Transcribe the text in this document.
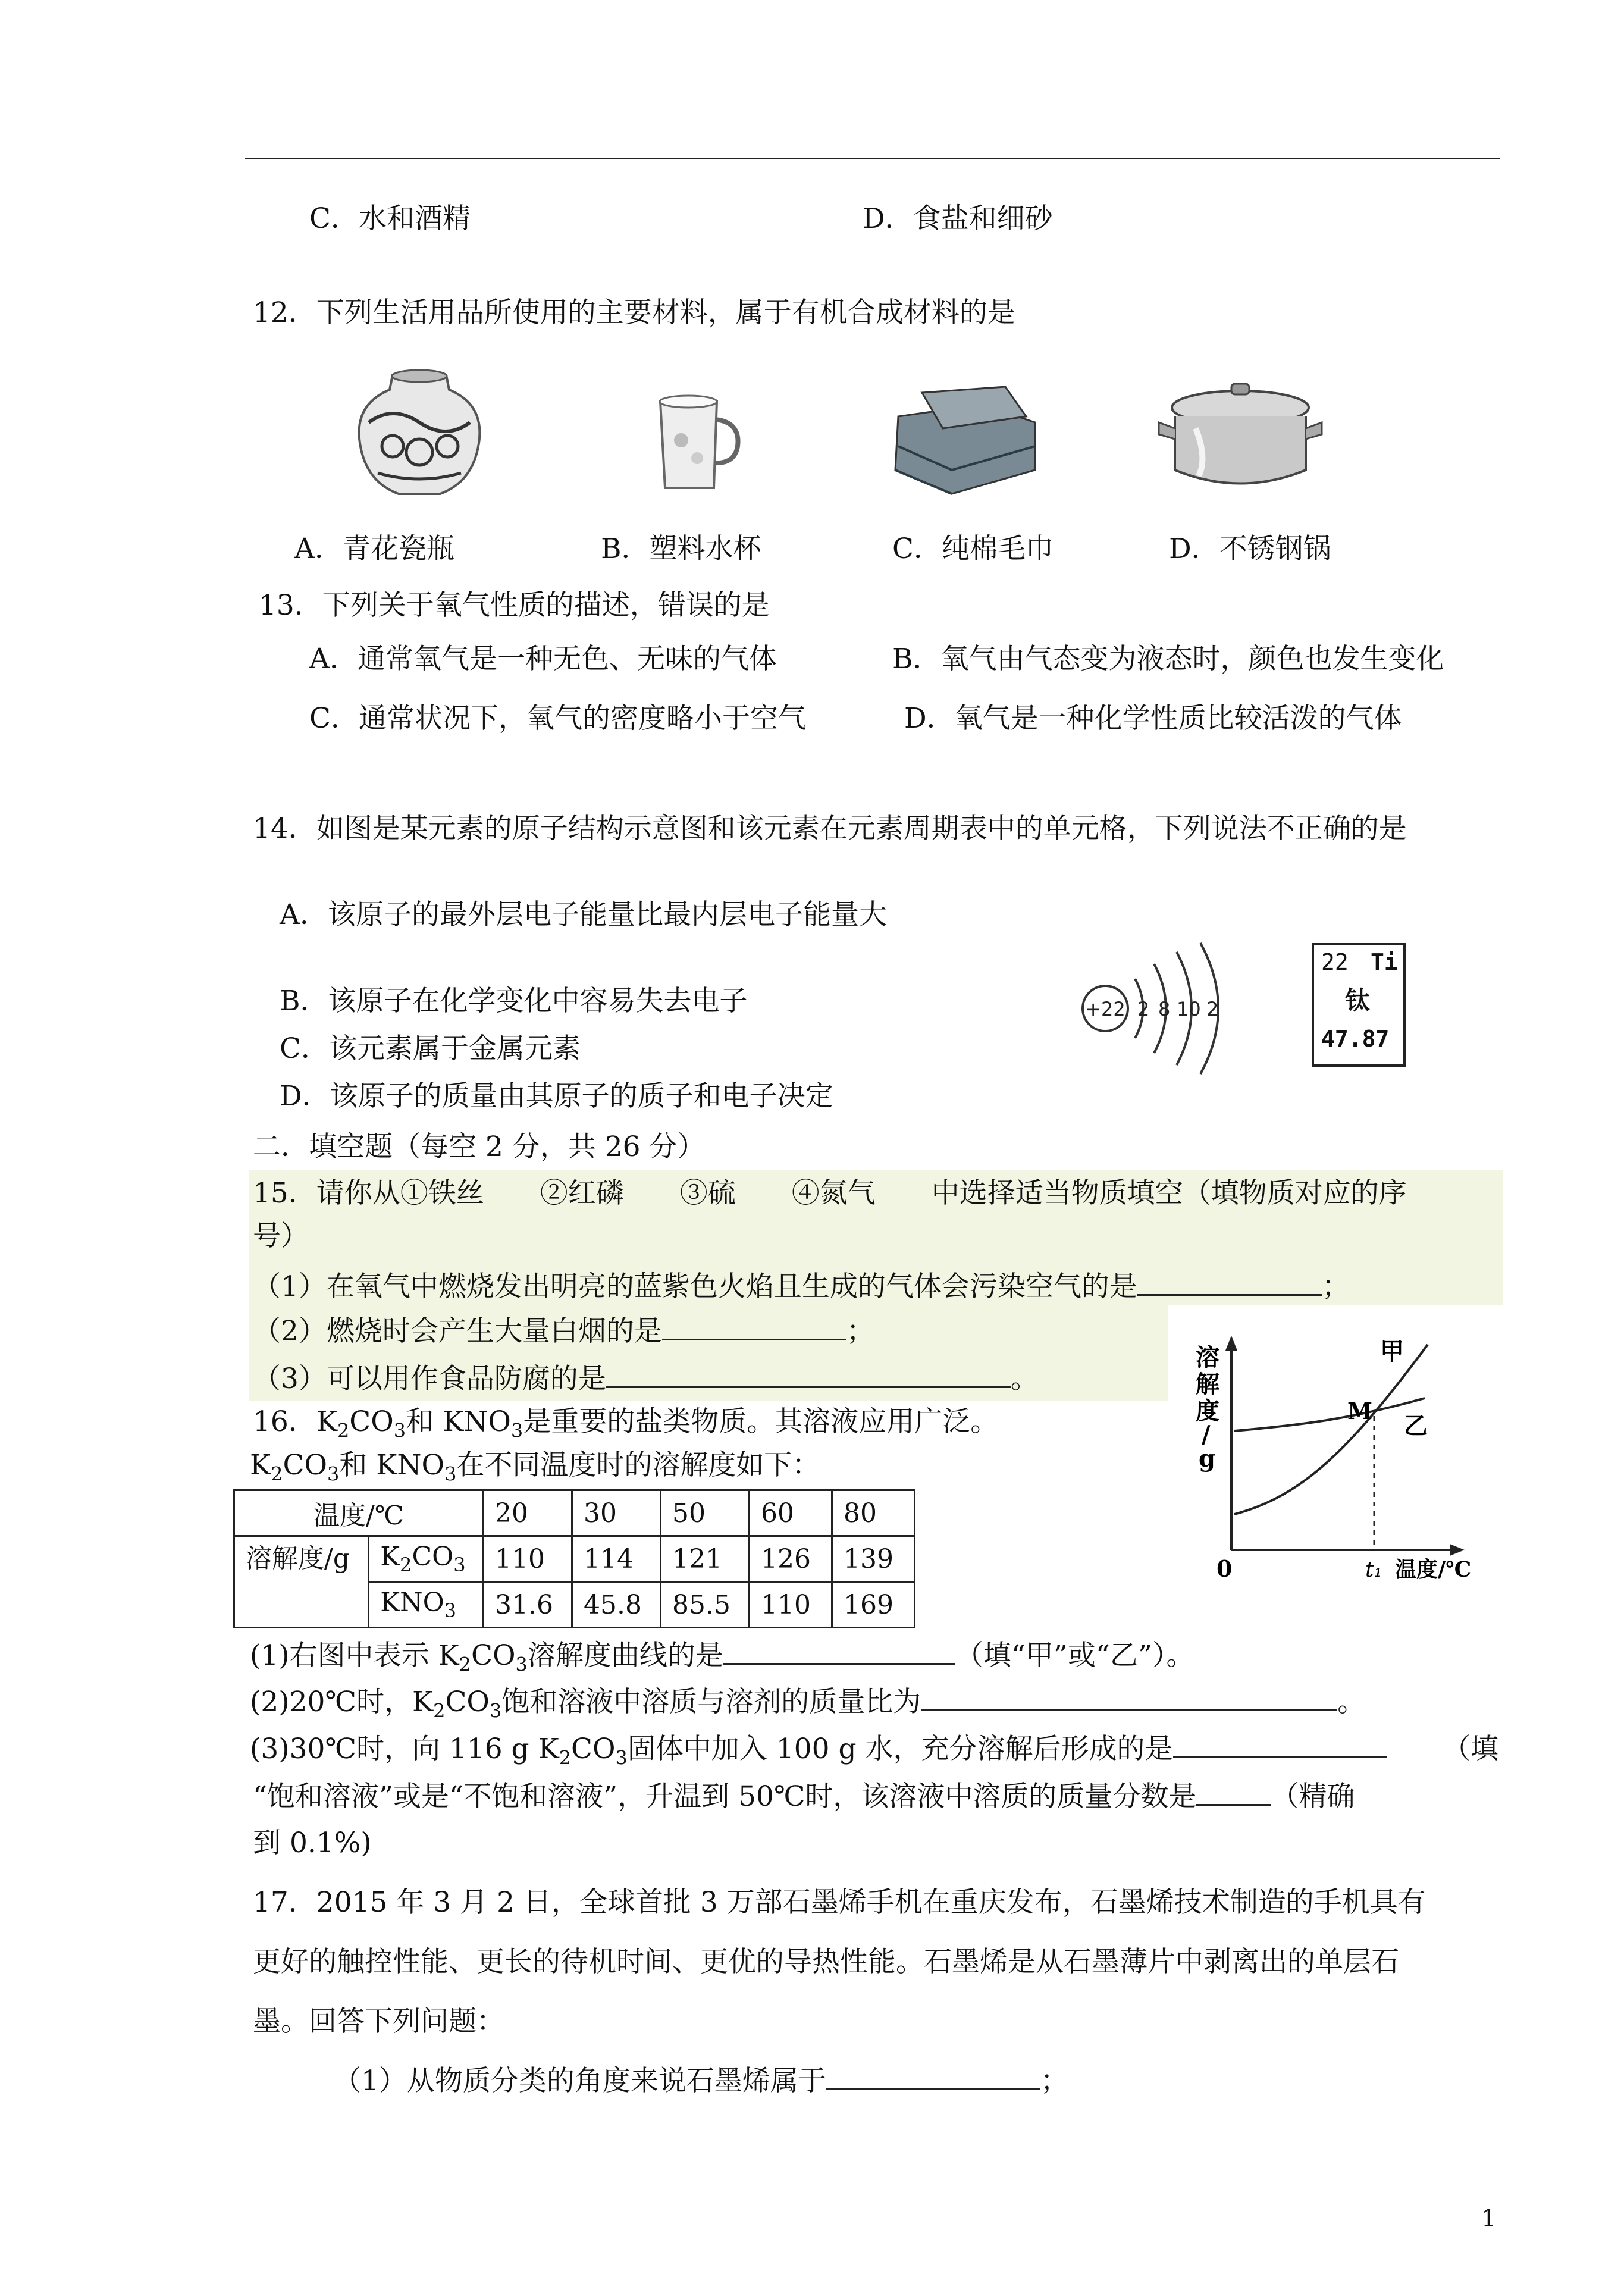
C．水和酒精	D．食盐和细砂
12．下列生活用品所使用的主要材料，属于有机合成材料的是
A．青花瓷瓶	B．塑料水杯	C．纯棉毛巾	D．不锈钢锅
13．下列关于氧气性质的描述，错误的是
A．通常氧气是一种无色、无味的气体	B．氧气由气态变为液态时，颜色也发生变化
C．通常状况下，氧气的密度略小于空气	D．氧气是一种化学性质比较活泼的气体
14．如图是某元素的原子结构示意图和该元素在元素周期表中的单元格，下列说法不正确的是
A．该原子的最外层电子能量比最内层电子能量大
B．该原子在化学变化中容易失去电子
C．该元素属于金属元素
D．该原子的质量由其原子的质子和电子决定
+22 2 8 10 2
22 Ti
钛
47.87
二．填空题（每空 2 分，共 26 分）
15．请你从①铁丝　　②红磷　　③硫　　④氮气　　中选择适当物质填空（填物质对应的序
号）
（1）在氧气中燃烧发出明亮的蓝紫色火焰且生成的气体会污染空气的是	；
（2）燃烧时会产生大量白烟的是	；
（3）可以用作食品防腐的是	。
16．$K_2CO_3$和 $KNO_3$是重要的盐类物质。其溶液应用广泛。
$K_2CO_3$和 $KNO_3$在不同温度时的溶解度如下：
温度/℃		20	30	50	60	80
溶解度/g	$K_2CO_3$	110	114	121	126	139
	$KNO_3$	31.6	45.8	85.5	110	169
溶
解
度
/
g
甲
乙
M
0	t₁ 温度/℃
(1)右图中表示 $K_2CO_3$溶解度曲线的是	（填“甲”或“乙”）。
(2)20℃时，$K_2CO_3$饱和溶液中溶质与溶剂的质量比为	。
(3)30℃时，向 116 g $K_2CO_3$固体中加入 100 g 水，充分溶解后形成的是	（填
“饱和溶液”或是“不饱和溶液”，升温到 50℃时，该溶液中溶质的质量分数是	（精确
到 0.1%)
17．2015 年 3 月 2 日，全球首批 3 万部石墨烯手机在重庆发布，石墨烯技术制造的手机具有
更好的触控性能、更长的待机时间、更优的导热性能。石墨烯是从石墨薄片中剥离出的单层石
墨。回答下列问题：
（1）从物质分类的角度来说石墨烯属于	；
1
